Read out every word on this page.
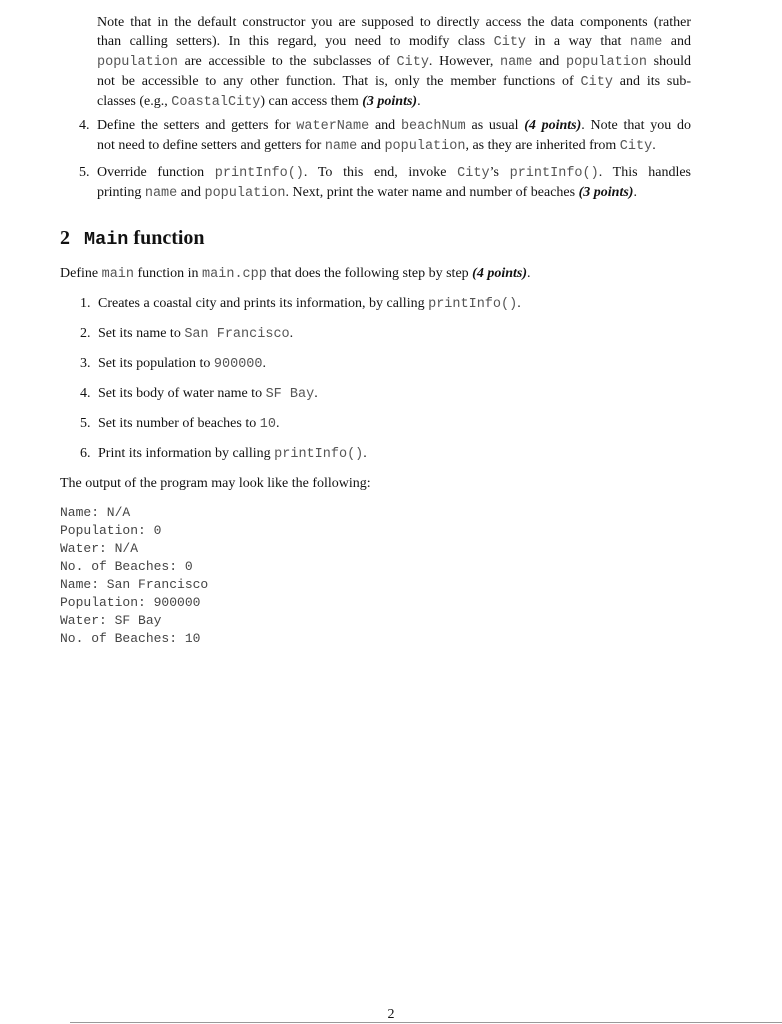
Note that in the default constructor you are supposed to directly access the data components (rather
than calling setters). In this regard, you need to modify class City in a way that name and
population are accessible to the subclasses of City. However, name and population should
not be accessible to any other function. That is, only the member functions of City and its sub-
classes (e.g., CoastalCity) can access them (3 points).
4. Define the setters and getters for waterName and beachNum as usual (4 points). Note that you do
not need to define setters and getters for name and population, as they are inherited from City.
5. Override function printInfo(). To this end, invoke City’s printInfo(). This handles
printing name and population. Next, print the water name and number of beaches (3 points).
2 Main function
Define main function in main.cpp that does the following step by step (4 points).
1. Creates a coastal city and prints its information, by calling printInfo().
2. Set its name to San Francisco.
3. Set its population to 900000.
4. Set its body of water name to SF Bay.
5. Set its number of beaches to 10.
6. Print its information by calling printInfo().
The output of the program may look like the following:
Name: N/A
Population: 0
Water: N/A
No. of Beaches: 0
Name: San Francisco
Population: 900000
Water: SF Bay
No. of Beaches: 10
2
